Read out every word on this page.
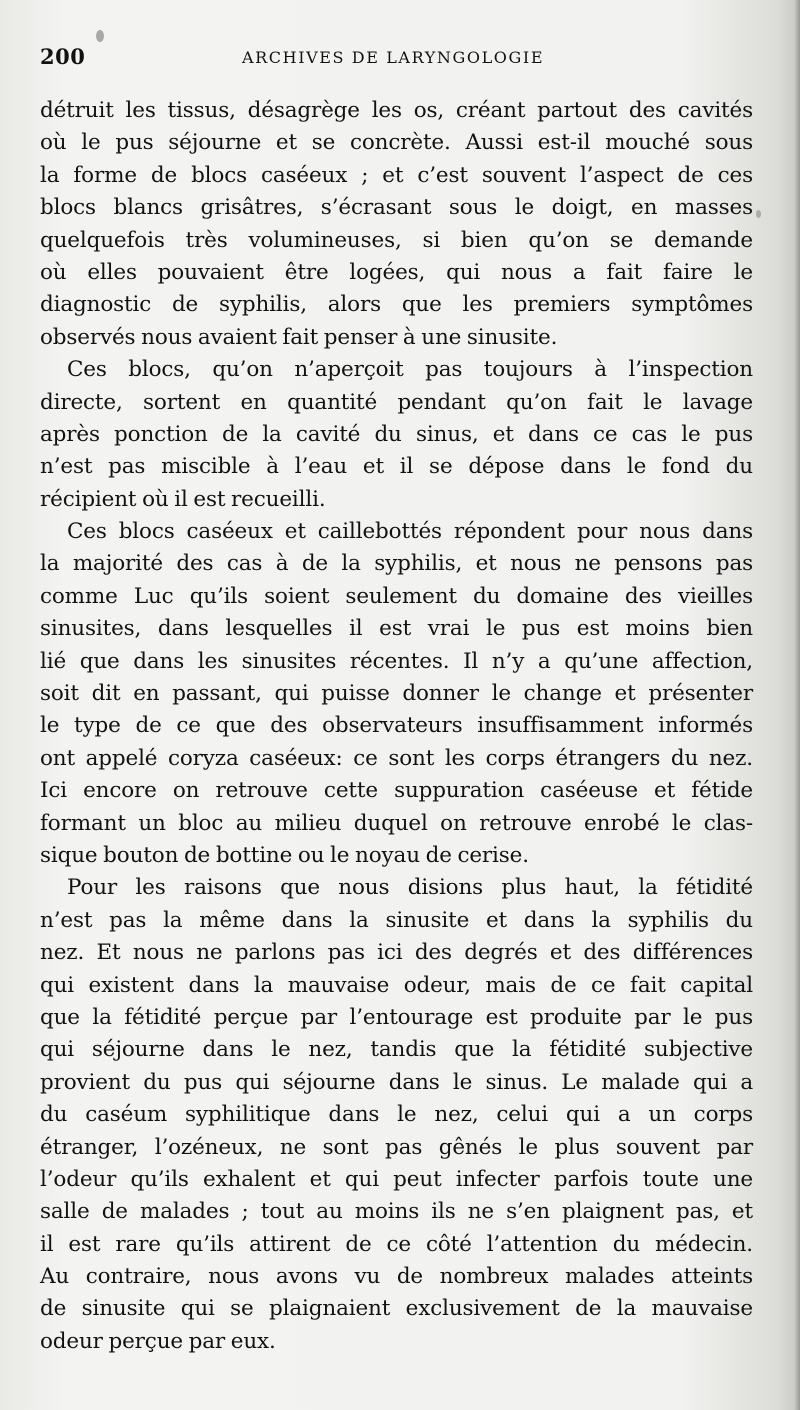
200	ARCHIVES DE LARYNGOLOGIE
détruit les tissus, désagrège les os, créant partout des cavités
où le pus séjourne et se concrète. Aussi est-il mouché sous
la forme de blocs caséeux ; et c’est souvent l’aspect de ces
blocs blancs grisâtres, s’écrasant sous le doigt, en masses
quelquefois très volumineuses, si bien qu’on se demande
où elles pouvaient être logées, qui nous a fait faire le
diagnostic de syphilis, alors que les premiers symptômes
observés nous avaient fait penser à une sinusite.
Ces blocs, qu’on n’aperçoit pas toujours à l’inspection
directe, sortent en quantité pendant qu’on fait le lavage
après ponction de la cavité du sinus, et dans ce cas le pus
n’est pas miscible à l’eau et il se dépose dans le fond du
récipient où il est recueilli.
Ces blocs caséeux et caillebottés répondent pour nous dans
la majorité des cas à de la syphilis, et nous ne pensons pas
comme Luc qu’ils soient seulement du domaine des vieilles
sinusites, dans lesquelles il est vrai le pus est moins bien
lié que dans les sinusites récentes. Il n’y a qu’une affection,
soit dit en passant, qui puisse donner le change et présenter
le type de ce que des observateurs insuffisamment informés
ont appelé coryza caséeux: ce sont les corps étrangers du nez.
Ici encore on retrouve cette suppuration caséeuse et fétide
formant un bloc au milieu duquel on retrouve enrobé le clas-
sique bouton de bottine ou le noyau de cerise.
Pour les raisons que nous disions plus haut, la fétidité
n’est pas la même dans la sinusite et dans la syphilis du
nez. Et nous ne parlons pas ici des degrés et des différences
qui existent dans la mauvaise odeur, mais de ce fait capital
que la fétidité perçue par l’entourage est produite par le pus
qui séjourne dans le nez, tandis que la fétidité subjective
provient du pus qui séjourne dans le sinus. Le malade qui a
du caséum syphilitique dans le nez, celui qui a un corps
étranger, l’ozéneux, ne sont pas gênés le plus souvent par
l’odeur qu’ils exhalent et qui peut infecter parfois toute une
salle de malades ; tout au moins ils ne s’en plaignent pas, et
il est rare qu’ils attirent de ce côté l’attention du médecin.
Au contraire, nous avons vu de nombreux malades atteints
de sinusite qui se plaignaient exclusivement de la mauvaise
odeur perçue par eux.
